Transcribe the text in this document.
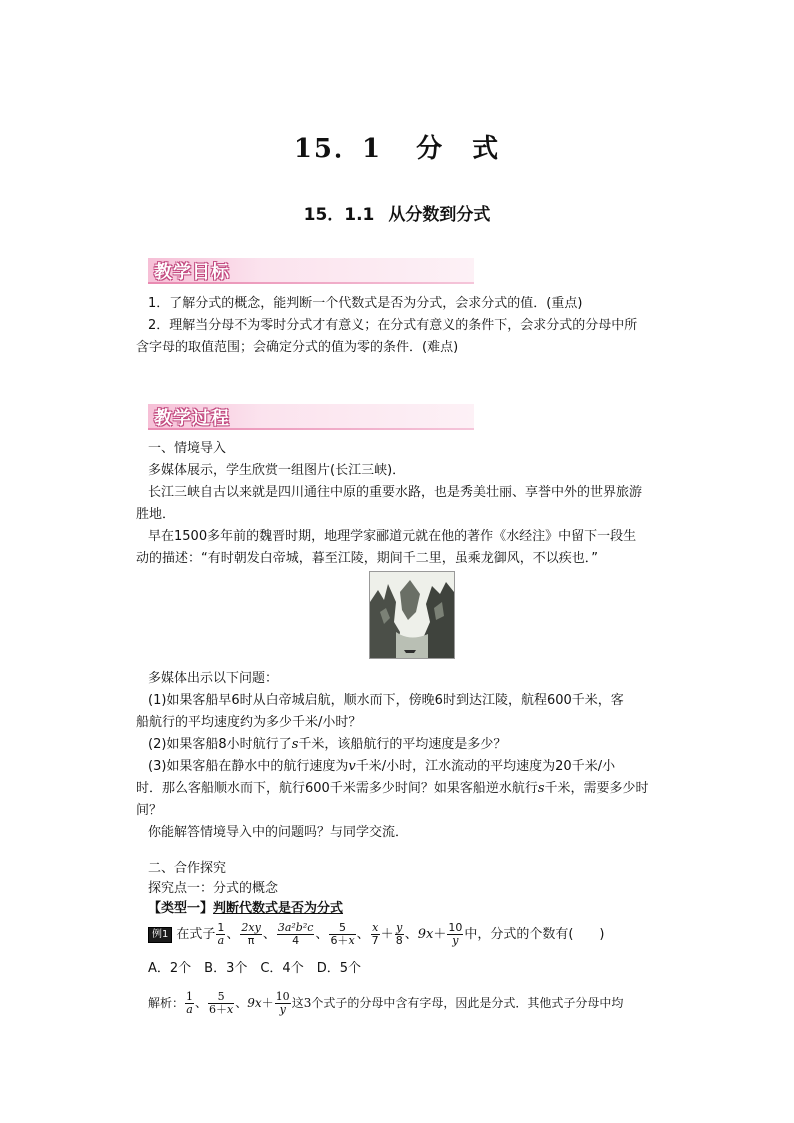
15．1 分　式
15．1.1 从分数到分式
教学目标
1．了解分式的概念，能判断一个代数式是否为分式，会求分式的值．(重点)
2．理解当分母不为零时分式才有意义；在分式有意义的条件下，会求分式的分母中所
含字母的取值范围；会确定分式的值为零的条件．(难点)
教学过程
一、情境导入
多媒体展示，学生欣赏一组图片(长江三峡)．
长江三峡自古以来就是四川通往中原的重要水路，也是秀美壮丽、享誉中外的世界旅游
胜地．
早在1500多年前的魏晋时期，地理学家郦道元就在他的著作《水经注》中留下一段生
动的描述：“有时朝发白帝城，暮至江陵，期间千二里，虽乘龙御风，不以疾也．”
多媒体出示以下问题：
(1)如果客船早6时从白帝城启航，顺水而下，傍晚6时到达江陵，航程600千米，客
船航行的平均速度约为多少千米/小时？
(2)如果客船8小时航行了s千米，该船航行的平均速度是多少？
(3)如果客船在静水中的航行速度为v千米/小时，江水流动的平均速度为20千米/小
时．那么客船顺水而下，航行600千米需多少时间？如果客船逆水航行s千米，需要多少时
间？
你能解答情境导入中的问题吗？与同学交流．
二、合作探究
探究点一：分式的概念
【类型一】判断代数式是否为分式
例1 在式子 $\frac{1}{a}$ 、 $\frac{2xy}{\pi}$ 、 $\frac{\text{3a²b²c}}{4}$ 、 $\frac{5}{6+x}$ 、 $\frac{x}{7} + \frac{y}{8}$ 、$9x+ \frac{10}{y}$ 中，分式的个数有(　　)
A．2个　B．3个　C．4个　D．5个
解析： $\frac{1}{a}$ 、 $\frac{5}{6+x}$ 、$9x+ \frac{10}{y}$ 这3个式子的分母中含有字母，因此是分式．其他式子分母中均
